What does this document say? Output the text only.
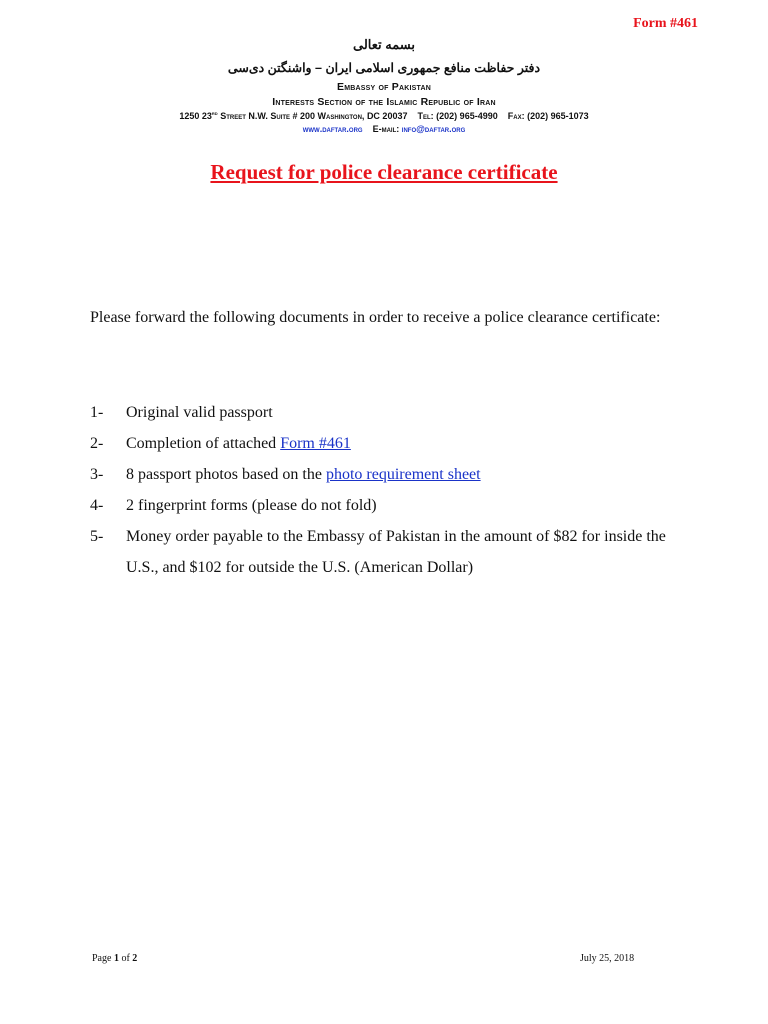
Form #461
بسمه تعالی
دفتر حفاظت منافع جمهوری اسلامی ایران – واشنگتن دی‌سی
Embassy of Pakistan
Interests Section of the Islamic Republic of Iran
1250 23rd Street N.W. Suite # 200 Washington, DC 20037 Tel: (202) 965-4990 Fax: (202) 965-1073
www.daftar.org E-mail: info@daftar.org
Request for police clearance certificate
Please forward the following documents in order to receive a police clearance certificate:
1-	Original valid passport
2-	Completion of attached Form #461
3-	8 passport photos based on the photo requirement sheet
4-	2 fingerprint forms (please do not fold)
5-	Money order payable to the Embassy of Pakistan in the amount of $82 for inside the U.S., and $102 for outside the U.S. (American Dollar)
Page 1 of 2	July 25, 2018
